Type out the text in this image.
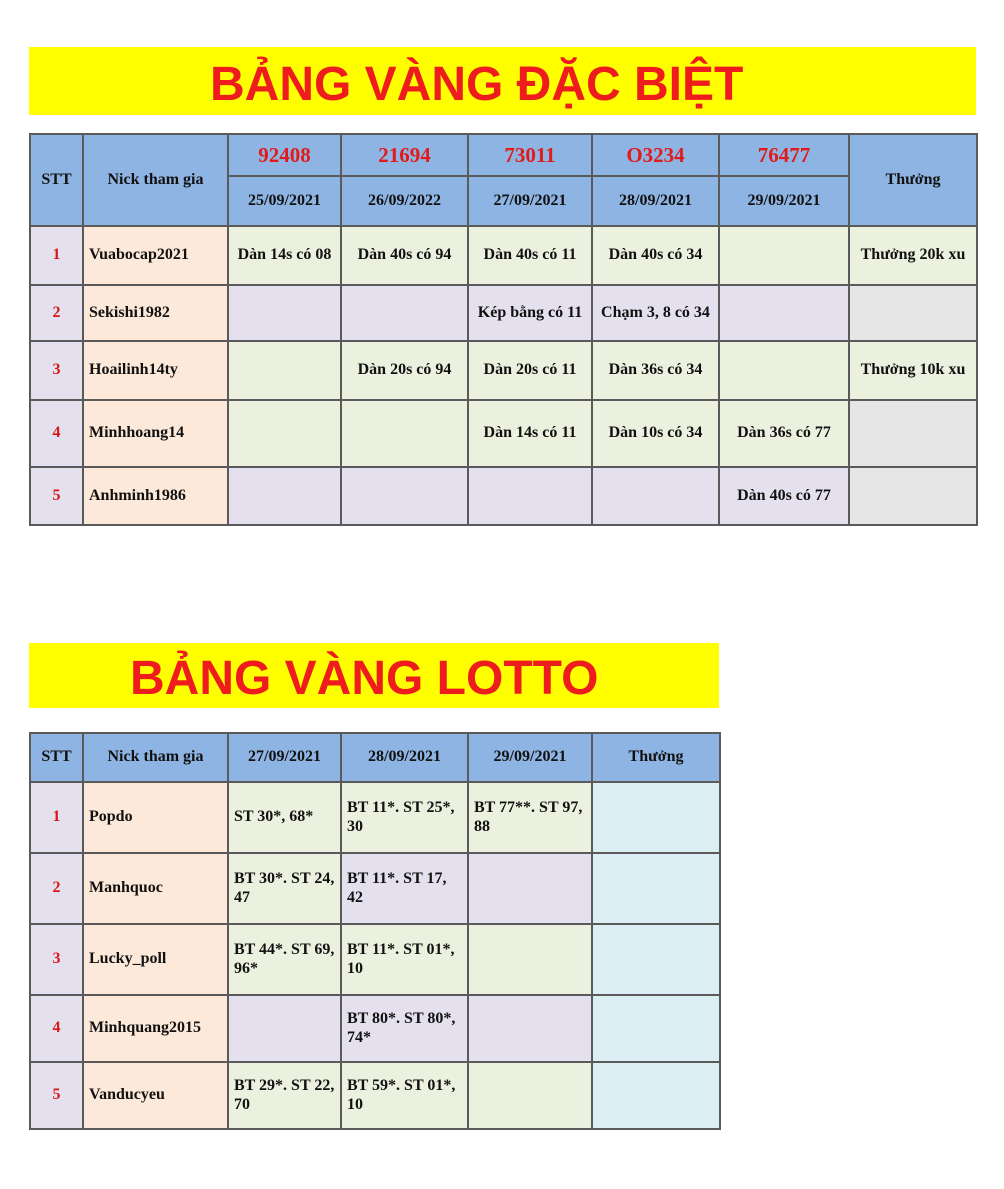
BẢNG VÀNG ĐẶC BIỆT
STT	Nick tham gia	92408	21694	73011	O3234	76477	Thưởng
		25/09/2021	26/09/2022	27/09/2021	28/09/2021	29/09/2021	
1	Vuabocap2021	Dàn 14s có 08	Dàn 40s có 94	Dàn 40s có 11	Dàn 40s có 34		Thưởng 20k xu
2	Sekishi1982			Kép bằng có 11	Chạm 3, 8 có 34		
3	Hoailinh14ty		Dàn 20s có 94	Dàn 20s có 11	Dàn 36s có 34		Thưởng 10k xu
4	Minhhoang14			Dàn 14s có 11	Dàn 10s có 34	Dàn 36s có 77	
5	Anhminh1986					Dàn 40s có 77	
BẢNG VÀNG LOTTO
STT	Nick tham gia	27/09/2021	28/09/2021	29/09/2021	Thưởng
1	Popdo	ST 30*, 68*	BT 11*. ST 25*, 30	BT 77**. ST 97, 88	
2	Manhquoc	BT 30*. ST 24, 47	BT 11*. ST 17, 42		
3	Lucky_poll	BT 44*. ST 69, 96*	BT 11*. ST 01*, 10		
4	Minhquang2015		BT 80*. ST 80*, 74*		
5	Vanducyeu	BT 29*. ST 22, 70	BT 59*. ST 01*, 10		
